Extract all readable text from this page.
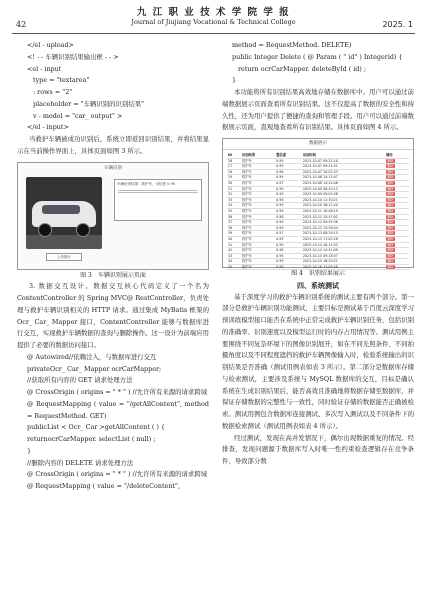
九 江 职 业 技 术 学 院 学 报
42	Journal of Jiujiang Vocational & Technical College	2025. 1

</el - upload>

<! - - 车辆识别结果输出框 - - >

<el - input

type = "textarea"

: rows = "2"

placeholder = "车辆识别的识别结果"

v - model = "car_ output" >

</el - input>

当救护车辆被成功识别后，系统立即返回识别结果，并将结果显示在当前操作界面上，具体页面如图 3 所示。

车辆识别
上传图片
车辆识别结果：救护车，可信度 0.99

图 3　车辆识别展示页面

3. 数据交互设计。数据交互核心代码定义了一个名为 ContentController 的 Spring MVC@ RestController，负责处理与救护车辆识别相关的 HTTP 请求。通过集成 MyBatis 框架的 Ocr_ Car_ Mapper 接口，ContentController 能够与数据库进行交互，实现救护车辆数据的查询与删除操作。这一设计为前端应用提供了必要的数据访问接口。

@ Autowired//依赖注入，与数据库进行交互

privateOcr_ Car_ Mapper ocrCarMapper;

//获取所有内容的 GET 请求处理方法

@ CrossOrigin ( origins = " * " ) //允许所有来源的请求跨域

@ RequestMapping ( value = "/getAllContent", method = RequestMethod. GET)

publicList < Ocr_ Car >getAllContent ( ) {

returnocrCarMapper. selectList ( null) ;

}

//删除内容的 DELETE 请求处理方法

@ CrossOrigin ( origins = " * " ) //允许所有来源的请求跨域

@ RequestMapping ( value = "/deleteContent",

method = RequestMethod. DELETE)

public Integer Delete ( @ Param ( " id" ) Integerid) {

return ocrCarMapper. deleteById ( id) ;

}

本功能将所有识别结果高效地存储在数据库中。用户可以通过前端数据展示页面查看所有识别结果。这不仅提高了数据的安全性和持久性，还为用户提供了便捷的查询和管理手段。用户可以通过前端数据展示页面，直观地查看所有识别结果。具体页面如图 4 所示。

数据展示
ID	识别结果	置信度	识别时间	操作
26	救护车	0.99	2023-10-07 09:21:10	删除
27	救护车	0.99	2023-10-07 09:24:51	删除
28	救护车	0.98	2023-10-07 10:02:33	删除
29	救护车	0.99	2023-10-08 14:15:07	删除
30	救护车	0.97	2023-10-08 14:20:46	删除
31	救护车	0.99	2023-10-09 08:45:12	删除
32	救护车	0.99	2023-10-09 09:03:58	删除
33	救护车	0.98	2023-10-10 11:30:21	删除
34	救护车	0.99	2023-10-10 16:12:40	删除
35	救护车	0.99	2023-10-11 10:08:19	删除
36	救护车	0.98	2023-10-11 15:47:02	删除
37	救护车	0.99	2023-10-12 09:55:36	删除
38	救护车	0.99	2023-10-12 13:26:44	删除
39	救护车	0.97	2023-10-13 08:39:15	删除
40	救护车	0.99	2023-10-13 17:02:28	删除
41	救护车	0.99	2023-10-14 10:14:53	删除
42	救护车	0.98	2023-10-14 14:41:09	删除
43	救护车	0.99	2023-10-15 09:18:37	删除
44	救护车	0.99	2023-10-15 16:33:21	删除
45	救护车	0.99	2023-10-16 11:05:48	删除

图 4　识别结果展示

四、系统测试

基于深度学习的救护车辆识别系统的测试主要有两个部分。第一部分是救护车辆识别功能测试，主要目标是测试基于百度云深度学习预训练模型接口能否在系统中正常完成救护车辆识别任务，包括识别的准确率、识别速度以及模型运行时的内存占用情况等。测试用例主要围绕不同复杂环境下的图像识别展开，如在不同光照条件、不同拍摄角度以及不同程度遮挡的救护车辆图像输入时，检验系统输出的识别结果是否准确（测试用例表如表 3 所示）。第二部分是数据库存储与检索测试，主要涉及系统与 MySQL 数据库的交互，目标是确认系统在生成识别结果后，能否高效且准确地将数据存储至数据库，并保证存储数据的完整性与一致性，同时验证存储的数据能否正确被检索。测试用例包含数据库连接测试、多次写入测试以及不同条件下的数据检索测试（测试用例表如表 4 所示）。

经过测试，发现在高并发情况下，偶尔出现数据重复的情况。经排查，发现问题源于数据库写入时唯一性约束检查逻辑存在竞争条件，导致部分数
